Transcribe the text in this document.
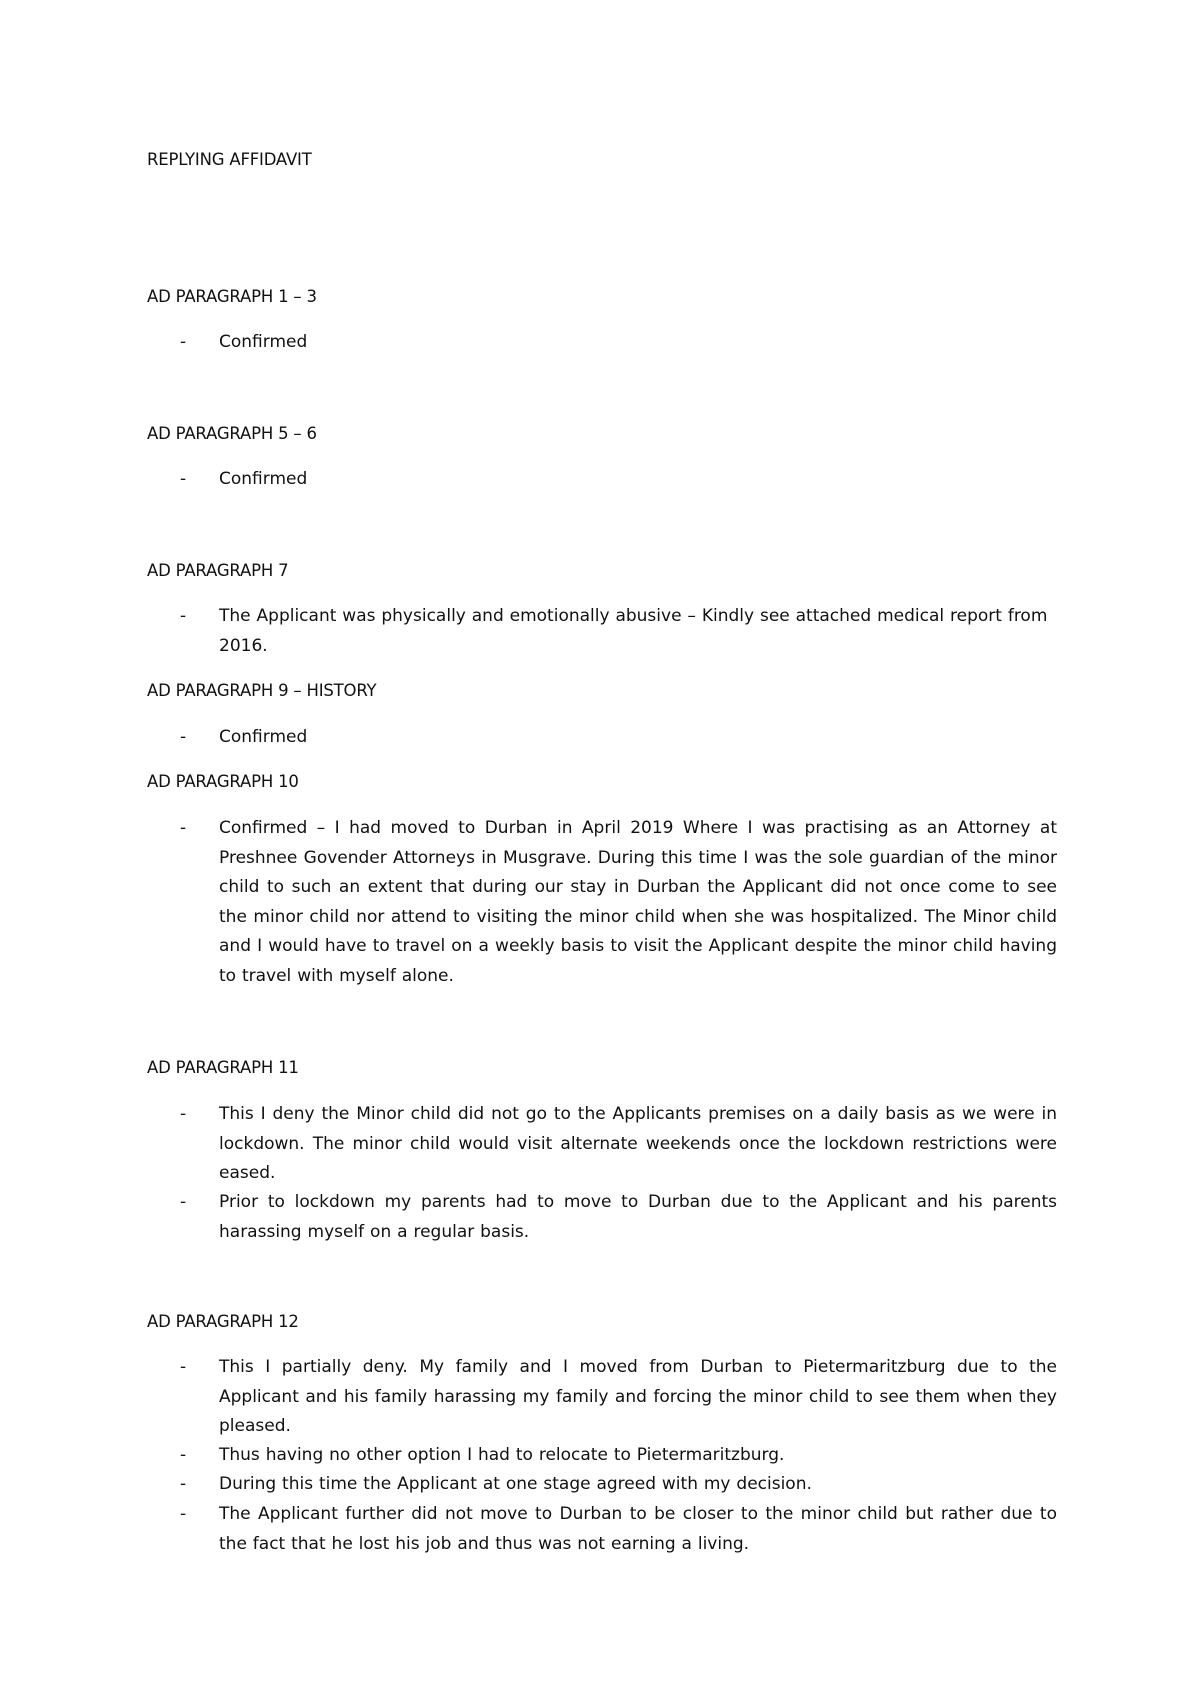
REPLYING AFFIDAVIT
AD PARAGRAPH 1 – 3
-	Confirmed
AD PARAGRAPH 5 – 6
-	Confirmed
AD PARAGRAPH 7
-	The Applicant was physically and emotionally abusive – Kindly see attached medical report from 2016.
AD PARAGRAPH 9 – HISTORY
-	Confirmed
AD PARAGRAPH 10
-	Confirmed – I had moved to Durban in April 2019 Where I was practising as an Attorney at Preshnee Govender Attorneys in Musgrave. During this time I was the sole guardian of the minor child to such an extent that during our stay in Durban the Applicant did not once come to see the minor child nor attend to visiting the minor child when she was hospitalized. The Minor child and I would have to travel on a weekly basis to visit the Applicant despite the minor child having to travel with myself alone.
AD PARAGRAPH 11
-	This I deny the Minor child did not go to the Applicants premises on a daily basis as we were in lockdown. The minor child would visit alternate weekends once the lockdown restrictions were eased.
-	Prior to lockdown my parents had to move to Durban due to the Applicant and his parents harassing myself on a regular basis.
AD PARAGRAPH 12
-	This I partially deny. My family and I moved from Durban to Pietermaritzburg due to the Applicant and his family harassing my family and forcing the minor child to see them when they pleased.
-	Thus having no other option I had to relocate to Pietermaritzburg.
-	During this time the Applicant at one stage agreed with my decision.
-	The Applicant further did not move to Durban to be closer to the minor child but rather due to the fact that he lost his job and thus was not earning a living.
